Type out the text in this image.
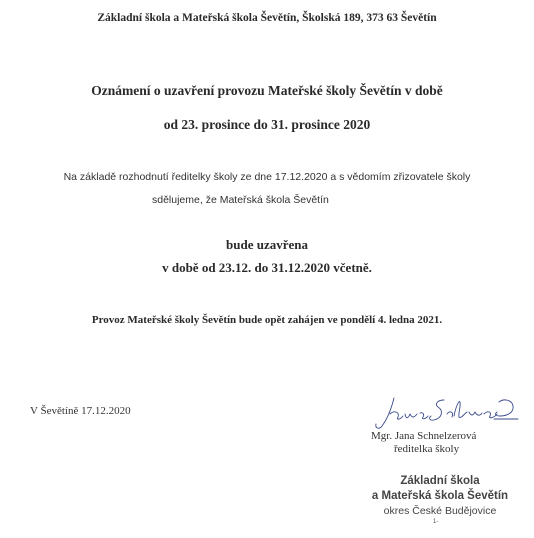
Základní škola a Mateřská škola Ševětín, Školská 189, 373 63 Ševětín
Oznámení o uzavření provozu Mateřské školy Ševětín v době
od 23. prosince do 31. prosince 2020
Na základě rozhodnutí ředitelky školy ze dne 17.12.2020 a s vědomím zřizovatele školy
sdělujeme, že Mateřská škola Ševětín
bude uzavřena
v době od 23.12. do 31.12.2020 včetně.
Provoz Mateřské školy Ševětín bude opět zahájen ve pondělí 4. ledna 2021.
V Ševětíně 17.12.2020
Mgr. Jana Schnelzerová
ředitelka školy
Základní škola
a Mateřská škola Ševětín
okres České Budějovice
1-
